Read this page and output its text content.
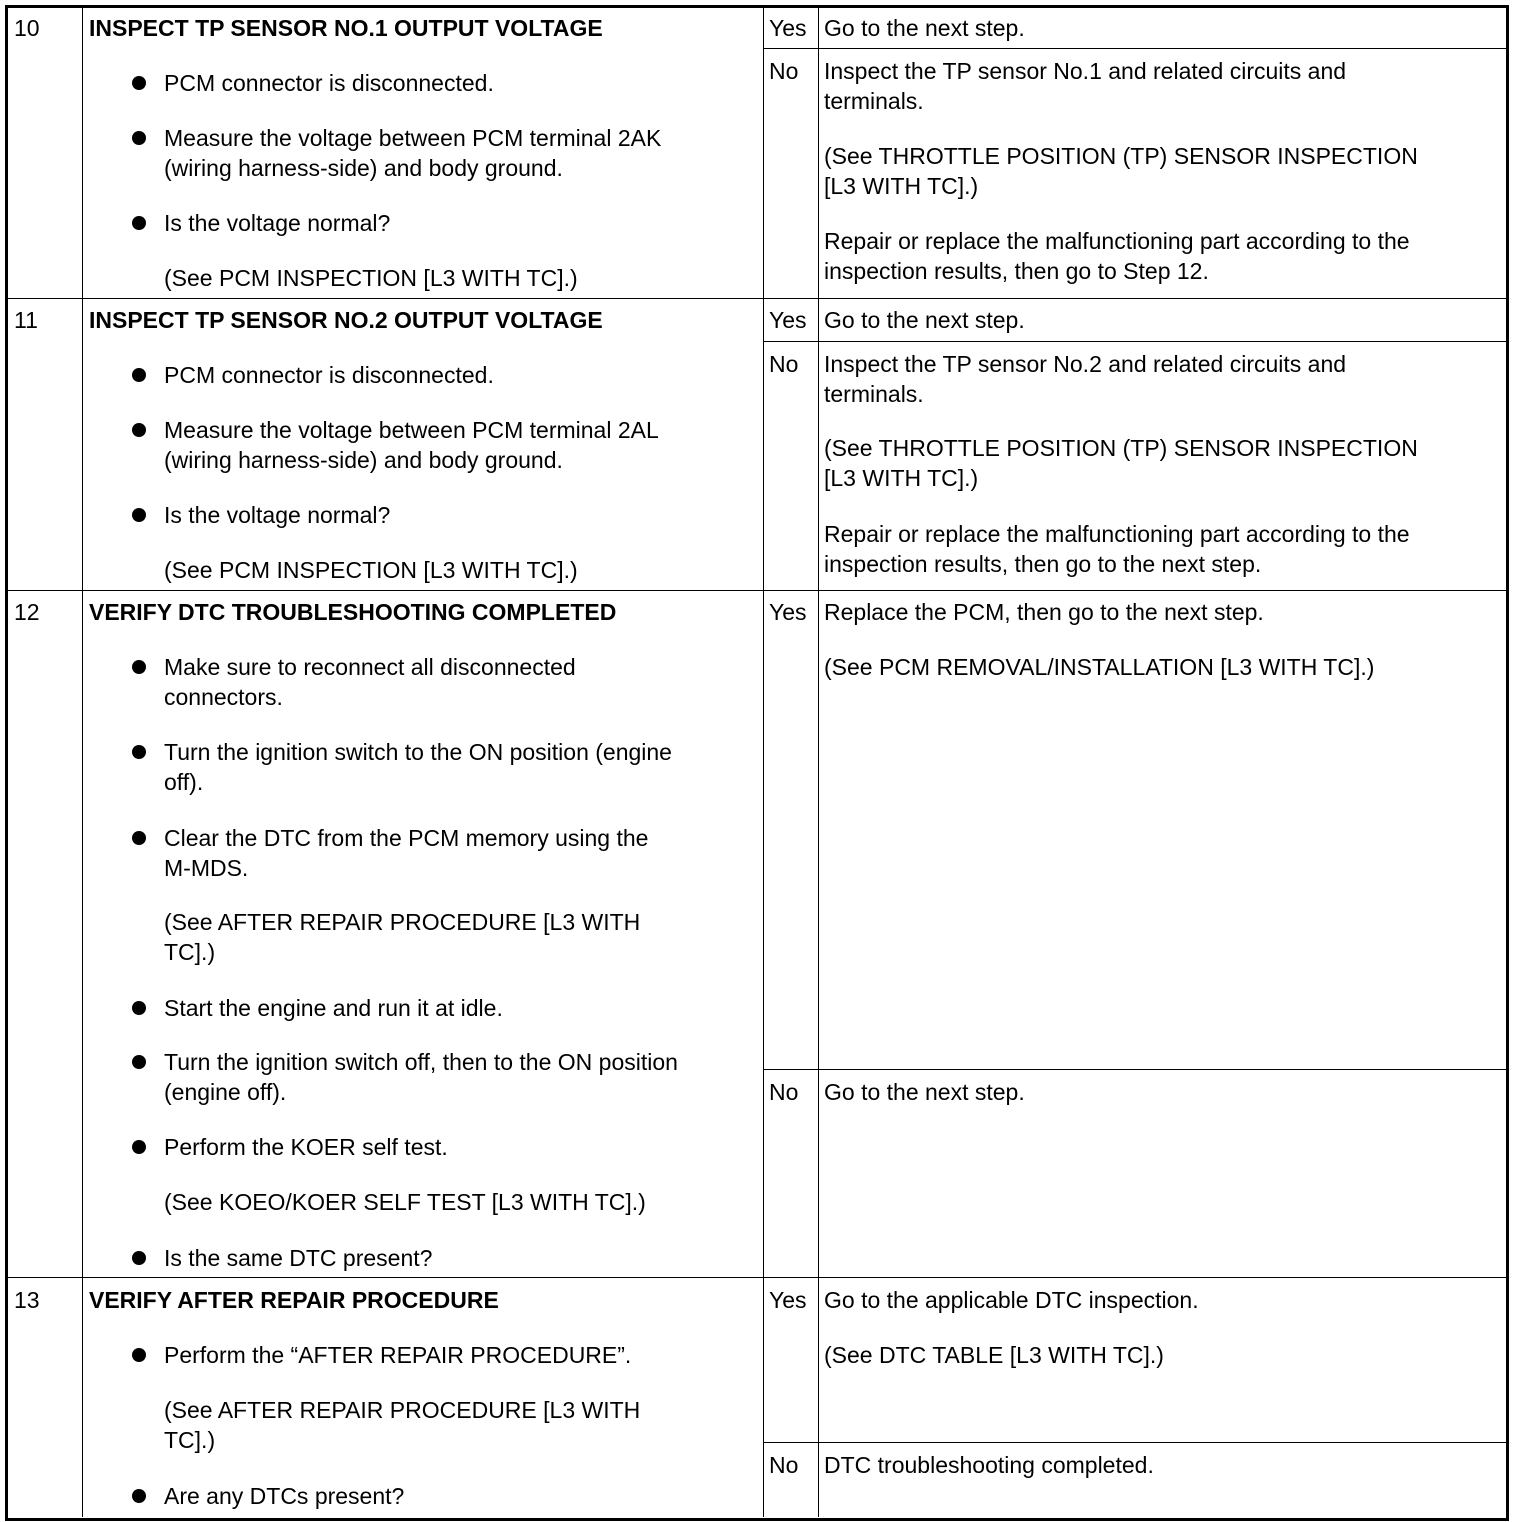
10 INSPECT TP SENSOR NO.1 OUTPUT VOLTAGE
PCM connector is disconnected.
Measure the voltage between PCM terminal 2AK
(wiring harness-side) and body ground.
Is the voltage normal?
(See PCM INSPECTION [L3 WITH TC].)
Yes Go to the next step.
No Inspect the TP sensor No.1 and related circuits and
terminals.
(See THROTTLE POSITION (TP) SENSOR INSPECTION
[L3 WITH TC].)
Repair or replace the malfunctioning part according to the
inspection results, then go to Step 12.
11 INSPECT TP SENSOR NO.2 OUTPUT VOLTAGE
PCM connector is disconnected.
Measure the voltage between PCM terminal 2AL
(wiring harness-side) and body ground.
Is the voltage normal?
(See PCM INSPECTION [L3 WITH TC].)
Yes Go to the next step.
No Inspect the TP sensor No.2 and related circuits and
terminals.
(See THROTTLE POSITION (TP) SENSOR INSPECTION
[L3 WITH TC].)
Repair or replace the malfunctioning part according to the
inspection results, then go to the next step.
12 VERIFY DTC TROUBLESHOOTING COMPLETED
Make sure to reconnect all disconnected
connectors.
Turn the ignition switch to the ON position (engine
off).
Clear the DTC from the PCM memory using the
M-MDS.
(See AFTER REPAIR PROCEDURE [L3 WITH
TC].)
Start the engine and run it at idle.
Turn the ignition switch off, then to the ON position
(engine off).
Perform the KOER self test.
(See KOEO/KOER SELF TEST [L3 WITH TC].)
Is the same DTC present?
Yes Replace the PCM, then go to the next step.
(See PCM REMOVAL/INSTALLATION [L3 WITH TC].)
No Go to the next step.
13 VERIFY AFTER REPAIR PROCEDURE
Perform the “AFTER REPAIR PROCEDURE”.
(See AFTER REPAIR PROCEDURE [L3 WITH
TC].)
Are any DTCs present?
Yes Go to the applicable DTC inspection.
(See DTC TABLE [L3 WITH TC].)
No DTC troubleshooting completed.
